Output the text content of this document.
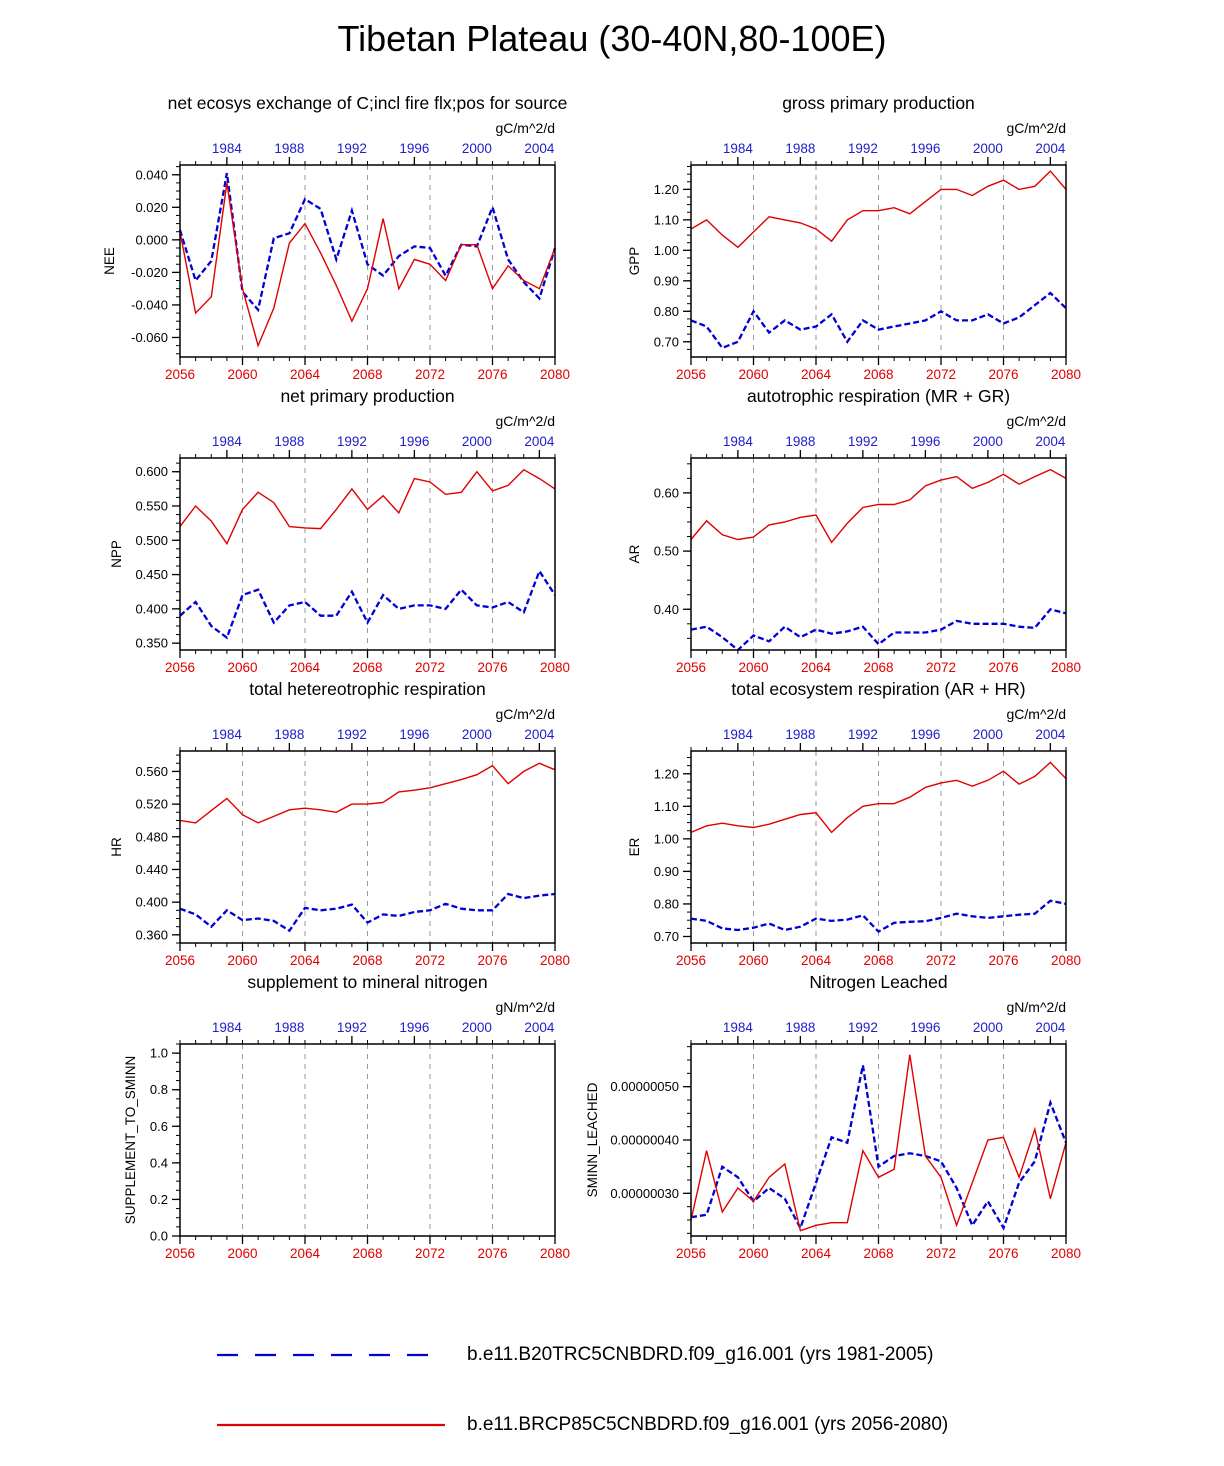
Tibetan Plateau (30-40N,80-100E)
2056 2060 2064 2068 2072 2076 2080
1984 1988 1992 1996 2000 2004
-0.060
-0.040
-0.020
0.000
0.020
0.040
net ecosys exchange of C;incl fire flx;pos for source
gC/m^2/d
NEE
2056 2060 2064 2068 2072 2076 2080
1984 1988 1992 1996 2000 2004
0.70
0.80
0.90
1.00
1.10
1.20
gross primary production
gC/m^2/d
GPP
2056 2060 2064 2068 2072 2076 2080
1984 1988 1992 1996 2000 2004
0.350
0.400
0.450
0.500
0.550
0.600
net primary production
gC/m^2/d
NPP
2056 2060 2064 2068 2072 2076 2080
1984 1988 1992 1996 2000 2004
0.40
0.50
0.60
autotrophic respiration (MR + GR)
gC/m^2/d
AR
2056 2060 2064 2068 2072 2076 2080
1984 1988 1992 1996 2000 2004
0.360
0.400
0.440
0.480
0.520
0.560
total hetereotrophic respiration
gC/m^2/d
HR
2056 2060 2064 2068 2072 2076 2080
1984 1988 1992 1996 2000 2004
0.70
0.80
0.90
1.00
1.10
1.20
total ecosystem respiration (AR + HR)
gC/m^2/d
ER
2056 2060 2064 2068 2072 2076 2080
1984 1988 1992 1996 2000 2004
0.0
0.2
0.4
0.6
0.8
1.0
supplement to mineral nitrogen
gN/m^2/d
SUPPLEMENT_TO_SMINN
2056 2060 2064 2068 2072 2076 2080
1984 1988 1992 1996 2000 2004
0.00000030
0.00000040
0.00000050
Nitrogen Leached
gN/m^2/d
SMINN_LEACHED
b.e11.B20TRC5CNBDRD.f09_g16.001 (yrs 1981-2005)
b.e11.BRCP85C5CNBDRD.f09_g16.001 (yrs 2056-2080)
